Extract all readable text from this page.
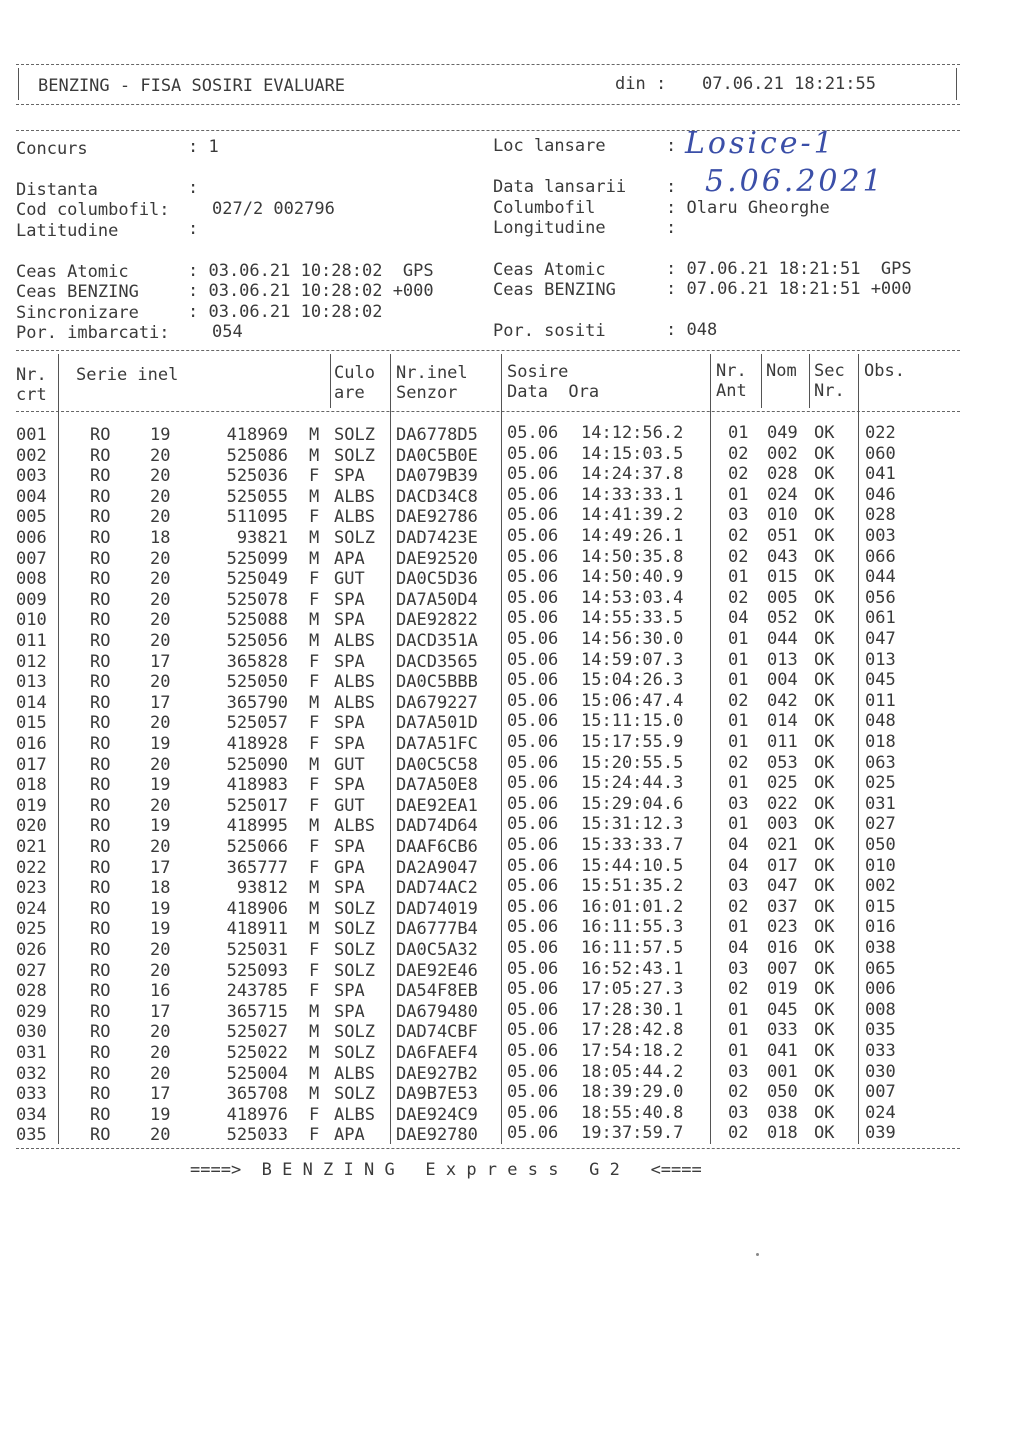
BENZING - FISA SOSIRI EVALUARE	din : 07.06.21 18:21:55
Concurs	: 1	Loc lansare	: Losice-1
Distanta	:	Data lansarii : 5.06.2021
Cod columbofil: 027/2 002796	Columbofil	: Olaru Gheorghe
Latitudine	:	Longitudine	:
Ceas Atomic	: 03.06.21 10:28:02  GPS	Ceas Atomic	: 07.06.21 18:21:51  GPS
Ceas BENZING	: 03.06.21 10:28:02 +000	Ceas BENZING	: 07.06.21 18:21:51 +000
Sincronizare	: 03.06.21 10:28:02
Por. imbarcati: 054	Por. sositi	: 048
Nr.
crt
Serie inel	Culo
are
Nr.inel
Senzor
Sosire
Data  Ora
Nr.
Ant
Nom Sec
Nr.
Obs.
001	RO 19	418969 M SOLZ DA6778D5 05.06 14:12:56.2	01 049 OK 022
002	RO 20	525086 M SOLZ DA0C5B0E 05.06 14:15:03.5	02 002 OK 060
003	RO 20	525036 F SPA DA079B39 05.06 14:24:37.8	02 028 OK 041
004	RO 20	525055 M ALBS DACD34C8 05.06 14:33:33.1	01 024 OK 046
005	RO 20	511095 F ALBS DAE92786 05.06 14:41:39.2	03 010 OK 028
006	RO 18	93821 M SOLZ DAD7423E 05.06 14:49:26.1	02 051 OK 003
007	RO 20	525099 M APA DAE92520 05.06 14:50:35.8	02 043 OK 066
008	RO 20	525049 F GUT DA0C5D36 05.06 14:50:40.9	01 015 OK 044
009	RO 20	525078 F SPA DA7A50D4 05.06 14:53:03.4	02 005 OK 056
010	RO 20	525088 M SPA DAE92822 05.06 14:55:33.5	04 052 OK 061
011	RO 20	525056 M ALBS DACD351A 05.06 14:56:30.0	01 044 OK 047
012	RO 17	365828 F SPA DACD3565 05.06 14:59:07.3	01 013 OK 013
013	RO 20	525050 F ALBS DA0C5BBB 05.06 15:04:26.3	01 004 OK 045
014	RO 17	365790 M ALBS DA679227 05.06 15:06:47.4	02 042 OK 011
015	RO 20	525057 F SPA DA7A501D 05.06 15:11:15.0	01 014 OK 048
016	RO 19	418928 F SPA DA7A51FC 05.06 15:17:55.9	01 011 OK 018
017	RO 20	525090 M GUT DA0C5C58 05.06 15:20:55.5	02 053 OK 063
018	RO 19	418983 F SPA DA7A50E8 05.06 15:24:44.3	01 025 OK 025
019	RO 20	525017 F GUT DAE92EA1 05.06 15:29:04.6	03 022 OK 031
020	RO 19	418995 M ALBS DAD74D64 05.06 15:31:12.3	01 003 OK 027
021	RO 20	525066 F SPA DAAF6CB6 05.06 15:33:33.7	04 021 OK 050
022	RO 17	365777 F GPA DA2A9047 05.06 15:44:10.5	04 017 OK 010
023	RO 18	93812 M SPA DAD74AC2 05.06 15:51:35.2	03 047 OK 002
024	RO 19	418906 M SOLZ DAD74019 05.06 16:01:01.2	02 037 OK 015
025	RO 19	418911 M SOLZ DA6777B4 05.06 16:11:55.3	01 023 OK 016
026	RO 20	525031 F SOLZ DA0C5A32 05.06 16:11:57.5	04 016 OK 038
027	RO 20	525093 F SOLZ DAE92E46 05.06 16:52:43.1	03 007 OK 065
028	RO 16	243785 F SPA DA54F8EB 05.06 17:05:27.3	02 019 OK 006
029	RO 17	365715 M SPA DA679480 05.06 17:28:30.1	01 045 OK 008
030	RO 20	525027 M SOLZ DAD74CBF 05.06 17:28:42.8	01 033 OK 035
031	RO 20	525022 M SOLZ DA6FAEF4 05.06 17:54:18.2	01 041 OK 033
032	RO 20	525004 M ALBS DAE927B2 05.06 18:05:44.2	03 001 OK 030
033	RO 17	365708 M SOLZ DA9B7E53 05.06 18:39:29.0	02 050 OK 007
034	RO 19	418976 F ALBS DAE924C9 05.06 18:55:40.8	03 038 OK 024
035	RO 20	525033 F APA DAE92780 05.06 19:37:59.7	02 018 OK 039
====>  B E N Z I N G   E x p r e s s   G 2   <====
